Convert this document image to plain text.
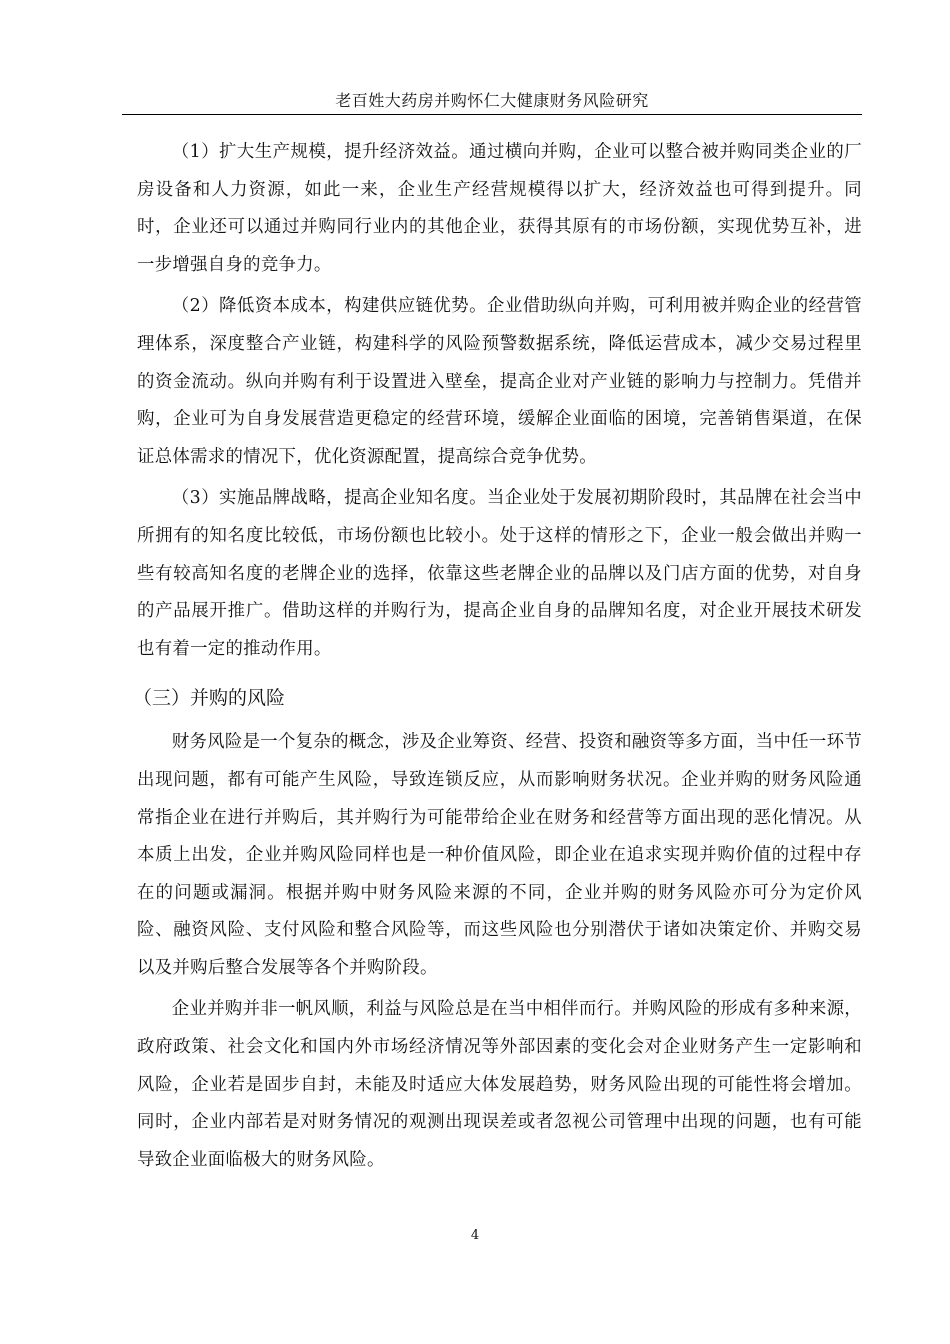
老百姓大药房并购怀仁大健康财务风险研究

（1）扩大生产规模，提升经济效益。通过横向并购，企业可以整合被并购同类企业的厂房设备和人力资源，如此一来，企业生产经营规模得以扩大，经济效益也可得到提升。同时，企业还可以通过并购同行业内的其他企业，获得其原有的市场份额，实现优势互补，进一步增强自身的竞争力。

（2）降低资本成本，构建供应链优势。企业借助纵向并购，可利用被并购企业的经营管理体系，深度整合产业链，构建科学的风险预警数据系统，降低运营成本，减少交易过程里的资金流动。纵向并购有利于设置进入壁垒，提高企业对产业链的影响力与控制力。凭借并购，企业可为自身发展营造更稳定的经营环境，缓解企业面临的困境，完善销售渠道，在保证总体需求的情况下，优化资源配置，提高综合竞争优势。

（3）实施品牌战略，提高企业知名度。当企业处于发展初期阶段时，其品牌在社会当中所拥有的知名度比较低，市场份额也比较小。处于这样的情形之下，企业一般会做出并购一些有较高知名度的老牌企业的选择，依靠这些老牌企业的品牌以及门店方面的优势，对自身的产品展开推广。借助这样的并购行为，提高企业自身的品牌知名度，对企业开展技术研发也有着一定的推动作用。

（三）并购的风险

财务风险是一个复杂的概念，涉及企业筹资、经营、投资和融资等多方面，当中任一环节出现问题，都有可能产生风险，导致连锁反应，从而影响财务状况。企业并购的财务风险通常指企业在进行并购后，其并购行为可能带给企业在财务和经营等方面出现的恶化情况。从本质上出发，企业并购风险同样也是一种价值风险，即企业在追求实现并购价值的过程中存在的问题或漏洞。根据并购中财务风险来源的不同，企业并购的财务风险亦可分为定价风险、融资风险、支付风险和整合风险等，而这些风险也分别潜伏于诸如决策定价、并购交易以及并购后整合发展等各个并购阶段。

企业并购并非一帆风顺，利益与风险总是在当中相伴而行。并购风险的形成有多种来源，政府政策、社会文化和国内外市场经济情况等外部因素的变化会对企业财务产生一定影响和风险，企业若是固步自封，未能及时适应大体发展趋势，财务风险出现的可能性将会增加。同时，企业内部若是对财务情况的观测出现误差或者忽视公司管理中出现的问题，也有可能导致企业面临极大的财务风险。

4
